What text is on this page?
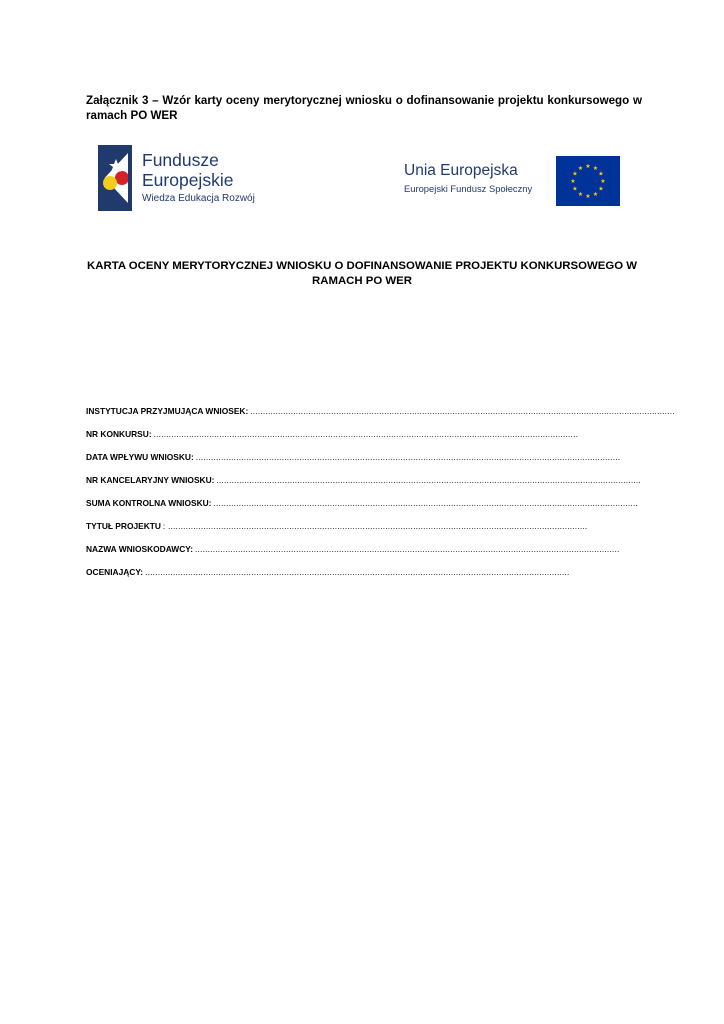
Załącznik 3 – Wzór karty oceny merytorycznej wniosku o dofinansowanie projektu konkursowego w ramach PO WER
Fundusze
Europejskie
Wiedza Edukacja Rozwój
Unia Europejska
Europejski Fundusz Społeczny
★ ★
★
★
★
★
★
★
★
★
★
★
KARTA OCENY MERYTORYCZNEJ WNIOSKU O DOFINANSOWANIE PROJEKTU KONKURSOWEGO W RAMACH PO WER
INSTYTUCJA PRZYJMUJĄCA WNIOSEK: ........................................................................................................................................................................
NR KONKURSU: ........................................................................................................................................................................
DATA WPŁYWU WNIOSKU: ........................................................................................................................................................................
NR KANCELARYJNY WNIOSKU: ........................................................................................................................................................................
SUMA KONTROLNA WNIOSKU: ........................................................................................................................................................................
TYTUŁ PROJEKTU : ......................................................................................................................................................................
NAZWA WNIOSKODAWCY: ........................................................................................................................................................................
OCENIAJĄCY: ........................................................................................................................................................................
